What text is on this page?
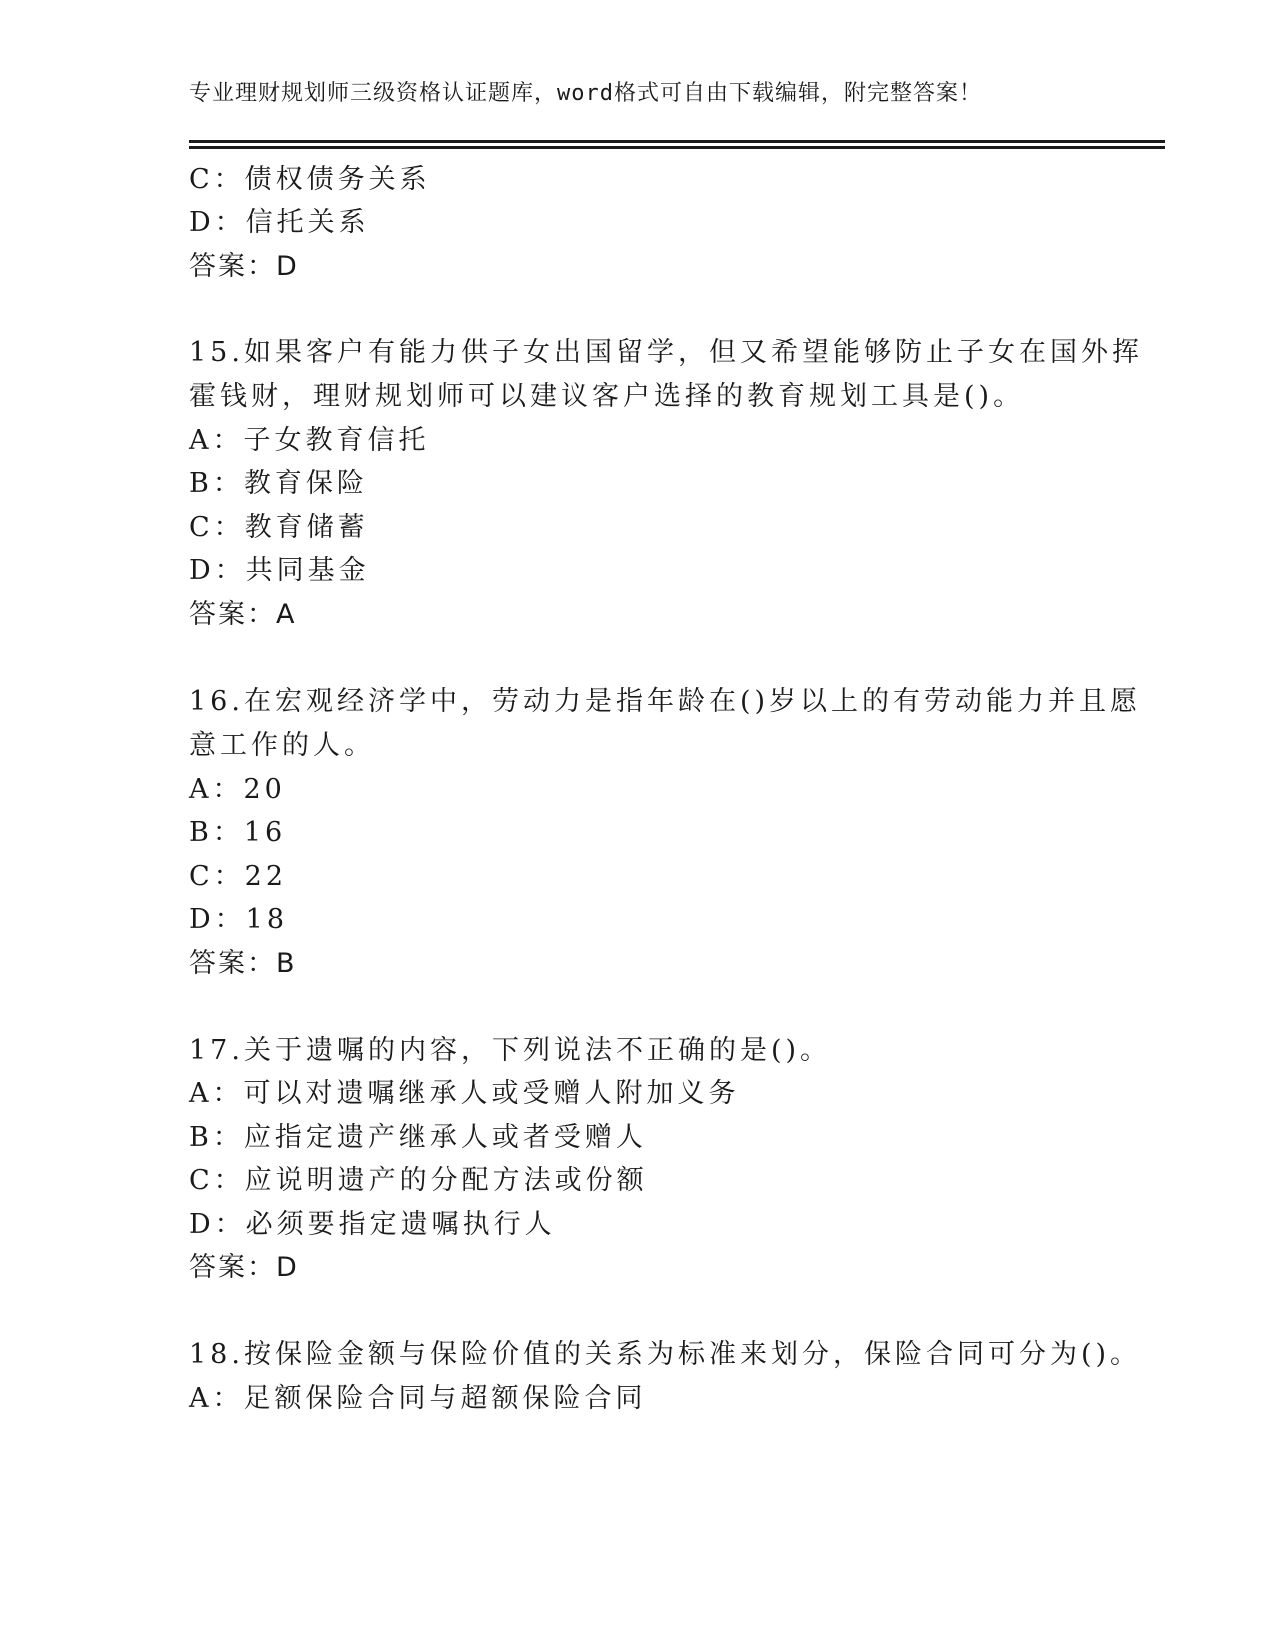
专业理财规划师三级资格认证题库，word格式可自由下载编辑，附完整答案！
C：债权债务关系
D：信托关系
答案：D
15.如果客户有能力供子女出国留学，但又希望能够防止子女在国外挥
霍钱财，理财规划师可以建议客户选择的教育规划工具是()。
A：子女教育信托
B：教育保险
C：教育储蓄
D：共同基金
答案：A
16.在宏观经济学中，劳动力是指年龄在()岁以上的有劳动能力并且愿
意工作的人。
A：20
B：16
C：22
D：18
答案：B
17.关于遗嘱的内容，下列说法不正确的是()。
A：可以对遗嘱继承人或受赠人附加义务
B：应指定遗产继承人或者受赠人
C：应说明遗产的分配方法或份额
D：必须要指定遗嘱执行人
答案：D
18.按保险金额与保险价值的关系为标准来划分，保险合同可分为()。
A：足额保险合同与超额保险合同
